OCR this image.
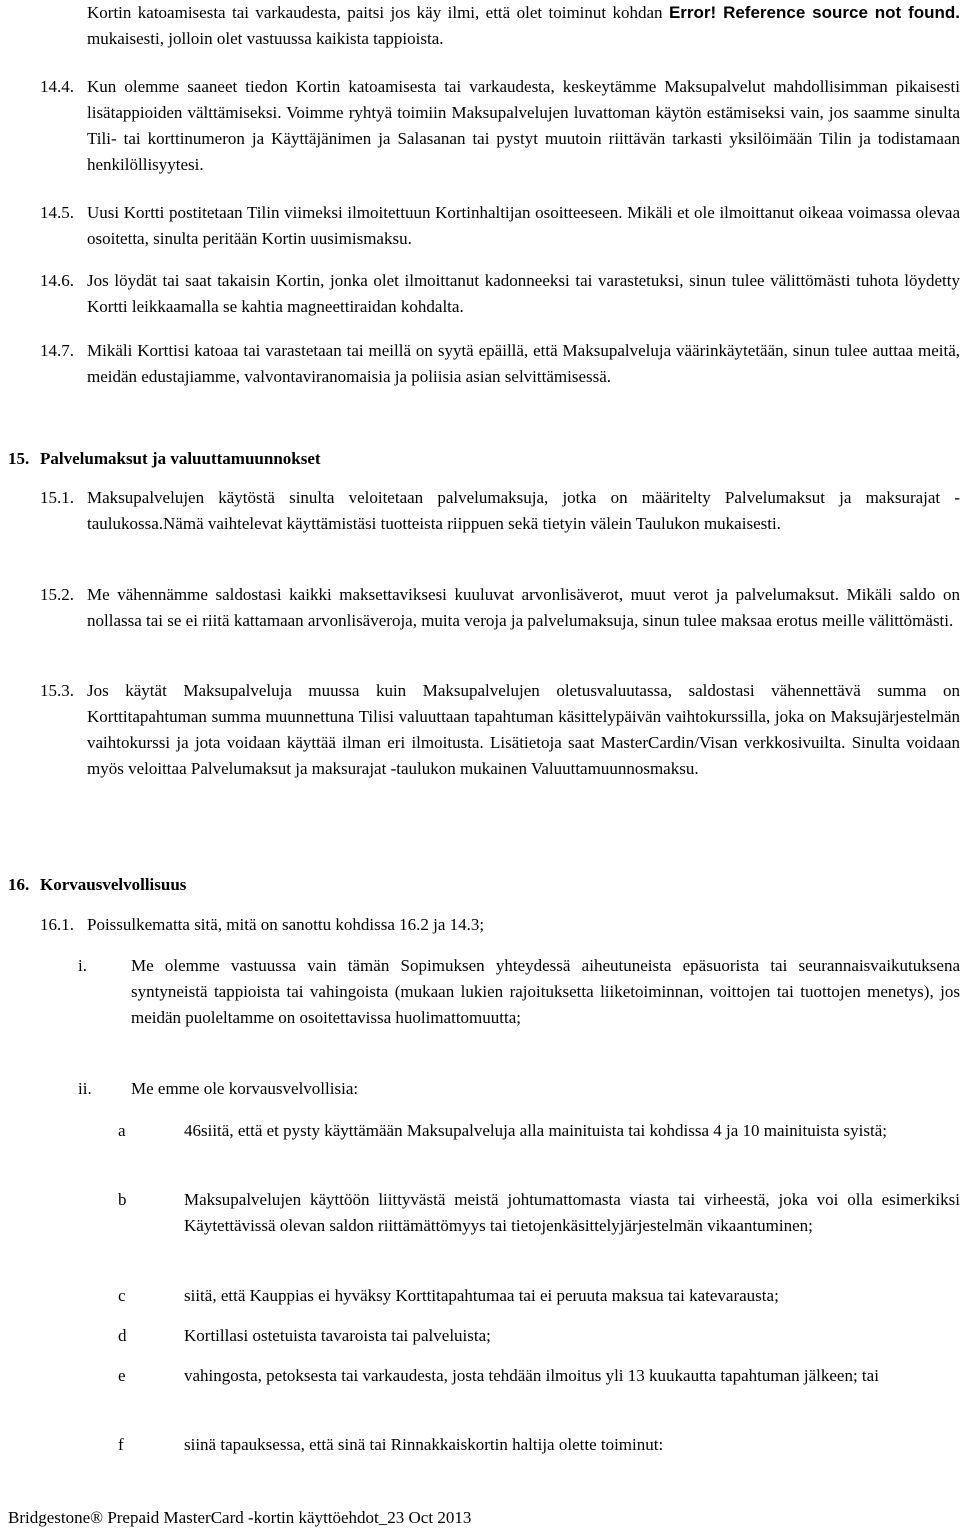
Kortin katoamisesta tai varkaudesta, paitsi jos käy ilmi, että olet toiminut kohdan Error! Reference source not found. mukaisesti, jolloin olet vastuussa kaikista tappioista.
14.4. Kun olemme saaneet tiedon Kortin katoamisesta tai varkaudesta, keskeytämme Maksupalvelut mahdollisimman pikaisesti lisätappioiden välttämiseksi. Voimme ryhtyä toimiin Maksupalvelujen luvattoman käytön estämiseksi vain, jos saamme sinulta Tili- tai korttinumeron ja Käyttäjänimen ja Salasanan tai pystyt muutoin riittävän tarkasti yksilöimään Tilin ja todistamaan henkilöllisyytesi.
14.5. Uusi Kortti postitetaan Tilin viimeksi ilmoitettuun Kortinhaltijan osoitteeseen. Mikäli et ole ilmoittanut oikeaa voimassa olevaa osoitetta, sinulta peritään Kortin uusimismaksu.
14.6. Jos löydät tai saat takaisin Kortin, jonka olet ilmoittanut kadonneeksi tai varastetuksi, sinun tulee välittömästi tuhota löydetty Kortti leikkaamalla se kahtia magneettiraidan kohdalta.
14.7. Mikäli Korttisi katoaa tai varastetaan tai meillä on syytä epäillä, että Maksupalveluja väärinkäytetään, sinun tulee auttaa meitä, meidän edustajiamme, valvontaviranomaisia ja poliisia asian selvittämisessä.
15. Palvelumaksut ja valuuttamuunnokset
15.1. Maksupalvelujen käytöstä sinulta veloitetaan palvelumaksuja, jotka on määritelty Palvelumaksut ja maksurajat -taulukossa.Nämä vaihtelevat käyttämistäsi tuotteista riippuen sekä tietyin välein Taulukon mukaisesti.
15.2. Me vähennämme saldostasi kaikki maksettaviksesi kuuluvat arvonlisäverot, muut verot ja palvelumaksut. Mikäli saldo on nollassa tai se ei riitä kattamaan arvonlisäveroja, muita veroja ja palvelumaksuja, sinun tulee maksaa erotus meille välittömästi.
15.3. Jos käytät Maksupalveluja muussa kuin Maksupalvelujen oletusvaluutassa, saldostasi vähennettävä summa on Korttitapahtuman summa muunnettuna Tilisi valuuttaan tapahtuman käsittelypäivän vaihtokurssilla, joka on Maksujärjestelmän vaihtokurssi ja jota voidaan käyttää ilman eri ilmoitusta. Lisätietoja saat MasterCardin/Visan verkkosivuilta. Sinulta voidaan myös veloittaa Palvelumaksut ja maksurajat -taulukon mukainen Valuuttamuunnosmaksu.
16. Korvausvelvollisuus
16.1. Poissulkematta sitä, mitä on sanottu kohdissa 16.2 ja 14.3;
i.	Me olemme vastuussa vain tämän Sopimuksen yhteydessä aiheutuneista epäsuorista tai seurannaisvaikutuksena syntyneistä tappioista tai vahingoista (mukaan lukien rajoituksetta liiketoiminnan, voittojen tai tuottojen menetys), jos meidän puoleltamme on osoitettavissa huolimattomuutta;
ii.	Me emme ole korvausvelvollisia:
a	46siitä, että et pysty käyttämään Maksupalveluja alla mainituista tai kohdissa 4 ja 10 mainituista syistä;
b	Maksupalvelujen käyttöön liittyvästä meistä johtumattomasta viasta tai virheestä, joka voi olla esimerkiksi Käytettävissä olevan saldon riittämättömyys tai tietojenkäsittelyjärjestelmän vikaantuminen;
c	siitä, että Kauppias ei hyväksy Korttitapahtumaa tai ei peruuta maksua tai katevarausta;
d	Kortillasi ostetuista tavaroista tai palveluista;
e	vahingosta, petoksesta tai varkaudesta, josta tehdään ilmoitus yli 13 kuukautta tapahtuman jälkeen; tai
f	siinä tapauksessa, että sinä tai Rinnakkaiskortin haltija olette toiminut:
Bridgestone® Prepaid MasterCard -kortin käyttöehdot_23 Oct 2013
